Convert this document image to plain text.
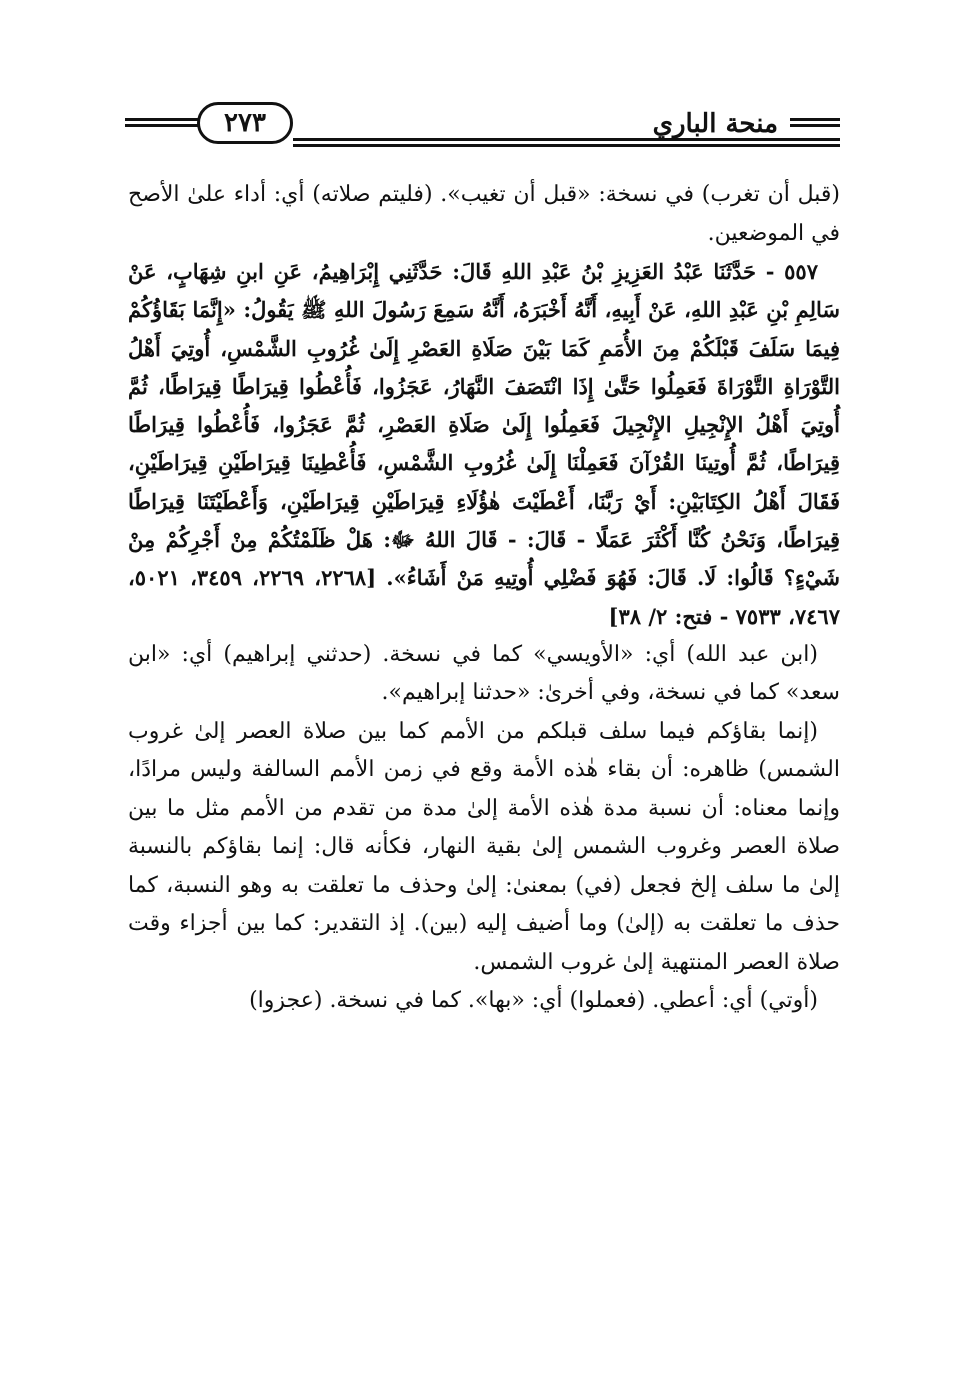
٢٧٣	منحة الباري

(قبل أن تغرب) في نسخة: «قبل أن تغيب». (فليتم صلاته) أي: أداء علىٰ الأصح في الموضعين.

٥٥٧ - حَدَّثَنَا عَبْدُ العَزِيزِ بْنُ عَبْدِ اللهِ قَالَ: حَدَّثَنِي إِبْرَاهِيمُ، عَنِ ابنِ شِهَابٍ، عَنْ سَالِمِ بْنِ عَبْدِ اللهِ، عَنْ أَبِيهِ، أَنَّهُ أَخْبَرَهُ، أَنَّهُ سَمِعَ رَسُولَ اللهِ ﷺ يَقُولُ: «إِنَّمَا بَقَاؤُكُمْ فِيمَا سَلَفَ قَبْلَكُمْ مِنَ الأُمَمِ كَمَا بَيْنَ صَلَاةِ العَصْرِ إِلَىٰ غُرُوبِ الشَّمْسِ، أُوتِيَ أَهْلُ التَّوْرَاةِ التَّوْرَاةَ فَعَمِلُوا حَتَّىٰ إِذَا انْتَصَفَ النَّهَارُ، عَجَزُوا، فَأُعْطُوا قِيرَاطًا قِيرَاطًا، ثُمَّ أُوتِيَ أَهْلُ الإِنْجِيلِ الإِنْجِيلَ فَعَمِلُوا إِلَىٰ صَلَاةِ العَصْرِ، ثُمَّ عَجَزُوا، فَأُعْطُوا قِيرَاطًا قِيرَاطًا، ثُمَّ أُوتِينَا القُرْآنَ فَعَمِلْنَا إِلَىٰ غُرُوبِ الشَّمْسِ، فَأُعْطِينَا قِيرَاطَيْنِ قِيرَاطَيْنِ، فَقَالَ أَهْلُ الكِتَابَيْنِ: أَيْ رَبَّنَا، أَعْطَيْتَ هٰؤُلَاءِ قِيرَاطَيْنِ قِيرَاطَيْنِ، وَأَعْطَيْتَنَا قِيرَاطًا قِيرَاطًا، وَنَحْنُ كُنَّا أَكْثَرَ عَمَلًا - قَالَ: - قَالَ اللهُ ﷻ: هَلْ ظَلَمْتُكُمْ مِنْ أَجْرِكُمْ مِنْ شَيْءٍ؟ قَالُوا: لَا. قَالَ: فَهُوَ فَضْلِي أُوتِيهِ مَنْ أَشَاءُ». [٢٢٦٨، ٢٢٦٩، ٣٤٥٩، ٥٠٢١، ٧٤٦٧، ٧٥٣٣ - فتح: ٢/ ٣٨]

(ابن عبد الله) أي: «الأويسي» كما في نسخة. (حدثني إبراهيم) أي: «ابن سعد» كما في نسخة، وفي أخرىٰ: «حدثنا إبراهيم».

(إنما بقاؤكم فيما سلف قبلكم من الأمم كما بين صلاة العصر إلىٰ غروب الشمس) ظاهره: أن بقاء هٰذه الأمة وقع في زمن الأمم السالفة وليس مرادًا، وإنما معناه: أن نسبة مدة هٰذه الأمة إلىٰ مدة من تقدم من الأمم مثل ما بين صلاة العصر وغروب الشمس إلىٰ بقية النهار، فكأنه قال: إنما بقاؤكم بالنسبة إلىٰ ما سلف إلخ فجعل (في) بمعنىٰ: إلىٰ وحذف ما تعلقت به وهو النسبة، كما حذف ما تعلقت به (إلىٰ) وما أضيف إليه (بين). إذ التقدير: كما بين أجزاء وقت صلاة العصر المنتهية إلىٰ غروب الشمس.

(أوتي) أي: أعطي. (فعملوا) أي: «بها». كما في نسخة. (عجزوا)
